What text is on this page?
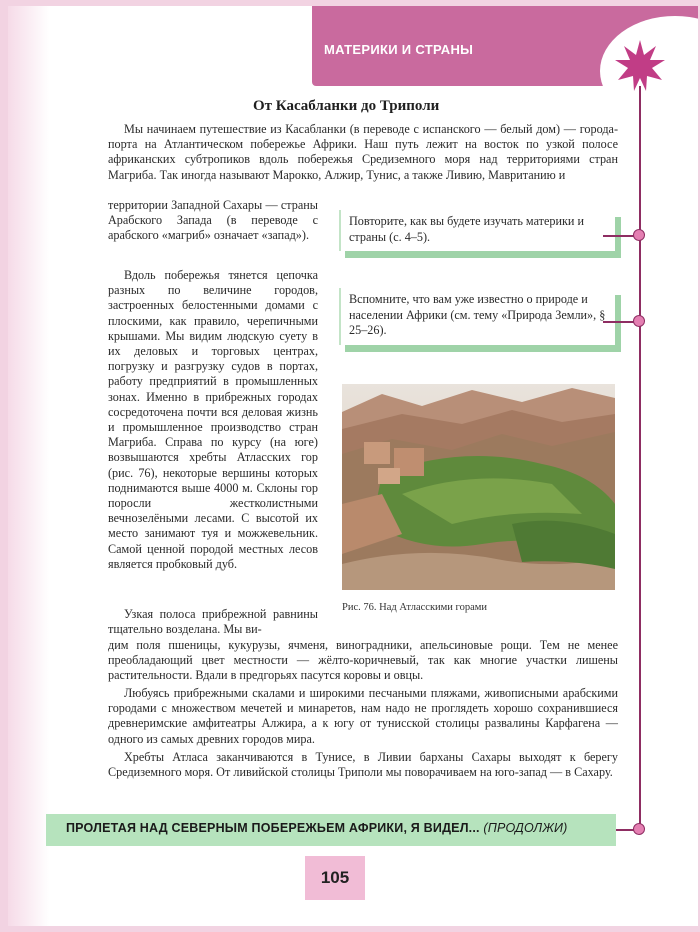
МАТЕРИКИ И СТРАНЫ
От Касабланки до Триполи
Мы начинаем путешествие из Касабланки (в переводе с испанского — белый дом) — города-порта на Атлантическом побережье Африки. Наш путь лежит на восток по узкой полосе африканских субтропиков вдоль побережья Средиземного моря над территориями стран Магриба. Так иногда называют Марокко, Алжир, Тунис, а также Ливию, Мавританию и
территории Западной Сахары — страны Арабского Запада (в переводе с арабского «магриб» означает «запад»).
Повторите, как вы будете изучать материки и страны (с. 4–5).
Вспомните, что вам уже известно о природе и населении Африки (см. тему «Природа Земли», § 25–26).
Вдоль побережья тянется цепочка разных по величине городов, застроенных белостенными домами с плоскими, как правило, черепичными крышами. Мы видим людскую суету в их деловых и торговых центрах, погрузку и разгрузку судов в портах, работу предприятий в промышленных зонах. Именно в прибрежных городах сосредоточена почти вся деловая жизнь и промышленное производство стран Магриба. Справа по курсу (на юге) возвышаются хребты Атласских гор (рис. 76), некоторые вершины которых поднимаются выше 4000 м. Склоны гор поросли жестколистными вечнозелёными лесами. С высотой их место занимают туя и можжевельник. Самой ценной породой местных лесов является пробковый дуб.
Рис. 76. Над Атласскими горами
Узкая полоса прибрежной равнины тщательно возделана. Мы ви-
дим поля пшеницы, кукурузы, ячменя, виноградники, апельсиновые рощи. Тем не менее преобладающий цвет местности — жёлто-коричневый, так как многие участки лишены растительности. Вдали в предгорьях пасутся коровы и овцы.
Любуясь прибрежными скалами и широкими песчаными пляжами, живописными арабскими городами с множеством мечетей и минаретов, нам надо не проглядеть хорошо сохранившиеся древнеримские амфитеатры Алжира, а к югу от тунисской столицы развалины Карфагена — одного из самых древних городов мира.
Хребты Атласа заканчиваются в Тунисе, в Ливии барханы Сахары выходят к берегу Средиземного моря. От ливийской столицы Триполи мы поворачиваем на юго-запад — в Сахару.
ПРОЛЕТАЯ НАД СЕВЕРНЫМ ПОБЕРЕЖЬЕМ АФРИКИ, Я ВИДЕЛ... (ПРОДОЛЖИ)
105
